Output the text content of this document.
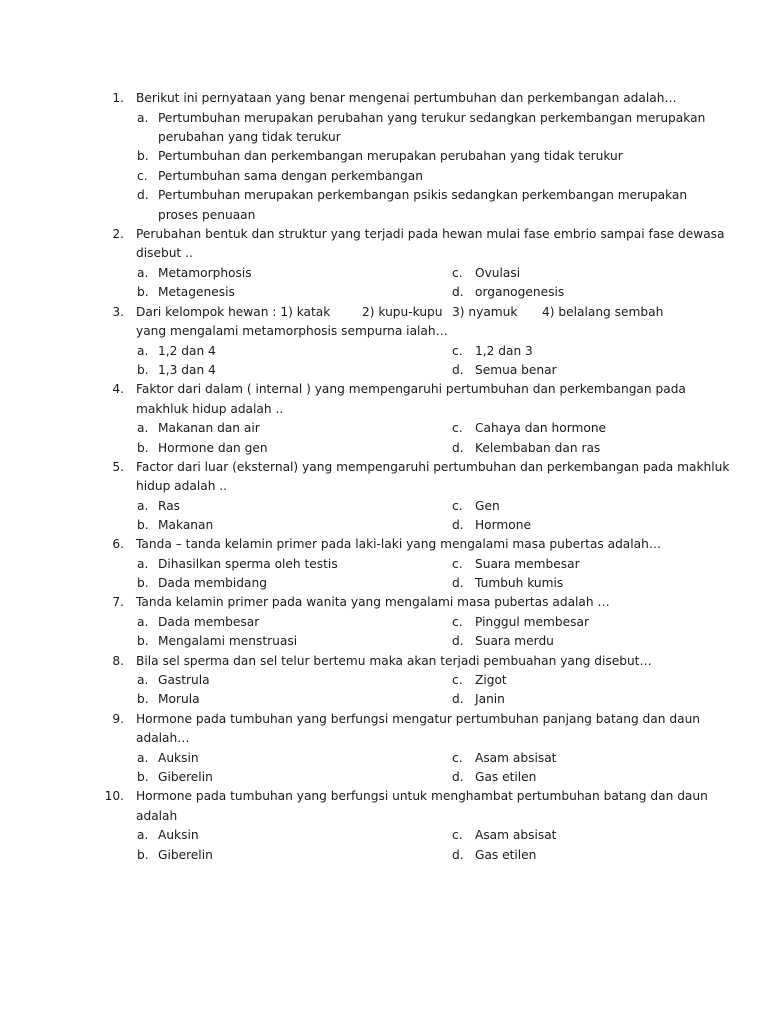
1. Berikut ini pernyataan yang benar mengenai pertumbuhan dan perkembangan adalah…
a. Pertumbuhan merupakan perubahan yang terukur sedangkan perkembangan merupakan
perubahan yang tidak terukur
b. Pertumbuhan dan perkembangan merupakan perubahan yang tidak terukur
c. Pertumbuhan sama dengan perkembangan
d. Pertumbuhan merupakan perkembangan psikis sedangkan perkembangan merupakan
proses penuaan
2. Perubahan bentuk dan struktur yang terjadi pada hewan mulai fase embrio sampai fase dewasa
disebut ..
a. Metamorphosis	c. Ovulasi
b. Metagenesis	d. organogenesis
3. Dari kelompok hewan : 1) katak	2) kupu-kupu 3) nyamuk 4) belalang sembah
yang mengalami metamorphosis sempurna ialah…
a. 1,2 dan 4	c. 1,2 dan 3
b. 1,3 dan 4	d. Semua benar
4. Faktor dari dalam ( internal ) yang mempengaruhi pertumbuhan dan perkembangan pada
makhluk hidup adalah ..
a. Makanan dan air	c. Cahaya dan hormone
b. Hormone dan gen	d. Kelembaban dan ras
5. Factor dari luar (eksternal) yang mempengaruhi pertumbuhan dan perkembangan pada makhluk
hidup adalah ..
a. Ras	c. Gen
b. Makanan	d. Hormone
6. Tanda – tanda kelamin primer pada laki-laki yang mengalami masa pubertas adalah…
a. Dihasilkan sperma oleh testis	c. Suara membesar
b. Dada membidang	d. Tumbuh kumis
7. Tanda kelamin primer pada wanita yang mengalami masa pubertas adalah …
a. Dada membesar	c. Pinggul membesar
b. Mengalami menstruasi	d. Suara merdu
8. Bila sel sperma dan sel telur bertemu maka akan terjadi pembuahan yang disebut…
a. Gastrula	c. Zigot
b. Morula	d. Janin
9. Hormone pada tumbuhan yang berfungsi mengatur pertumbuhan panjang batang dan daun
adalah…
a. Auksin	c. Asam absisat
b. Giberelin	d. Gas etilen
10. Hormone pada tumbuhan yang berfungsi untuk menghambat pertumbuhan batang dan daun
adalah
a. Auksin	c. Asam absisat
b. Giberelin	d. Gas etilen
